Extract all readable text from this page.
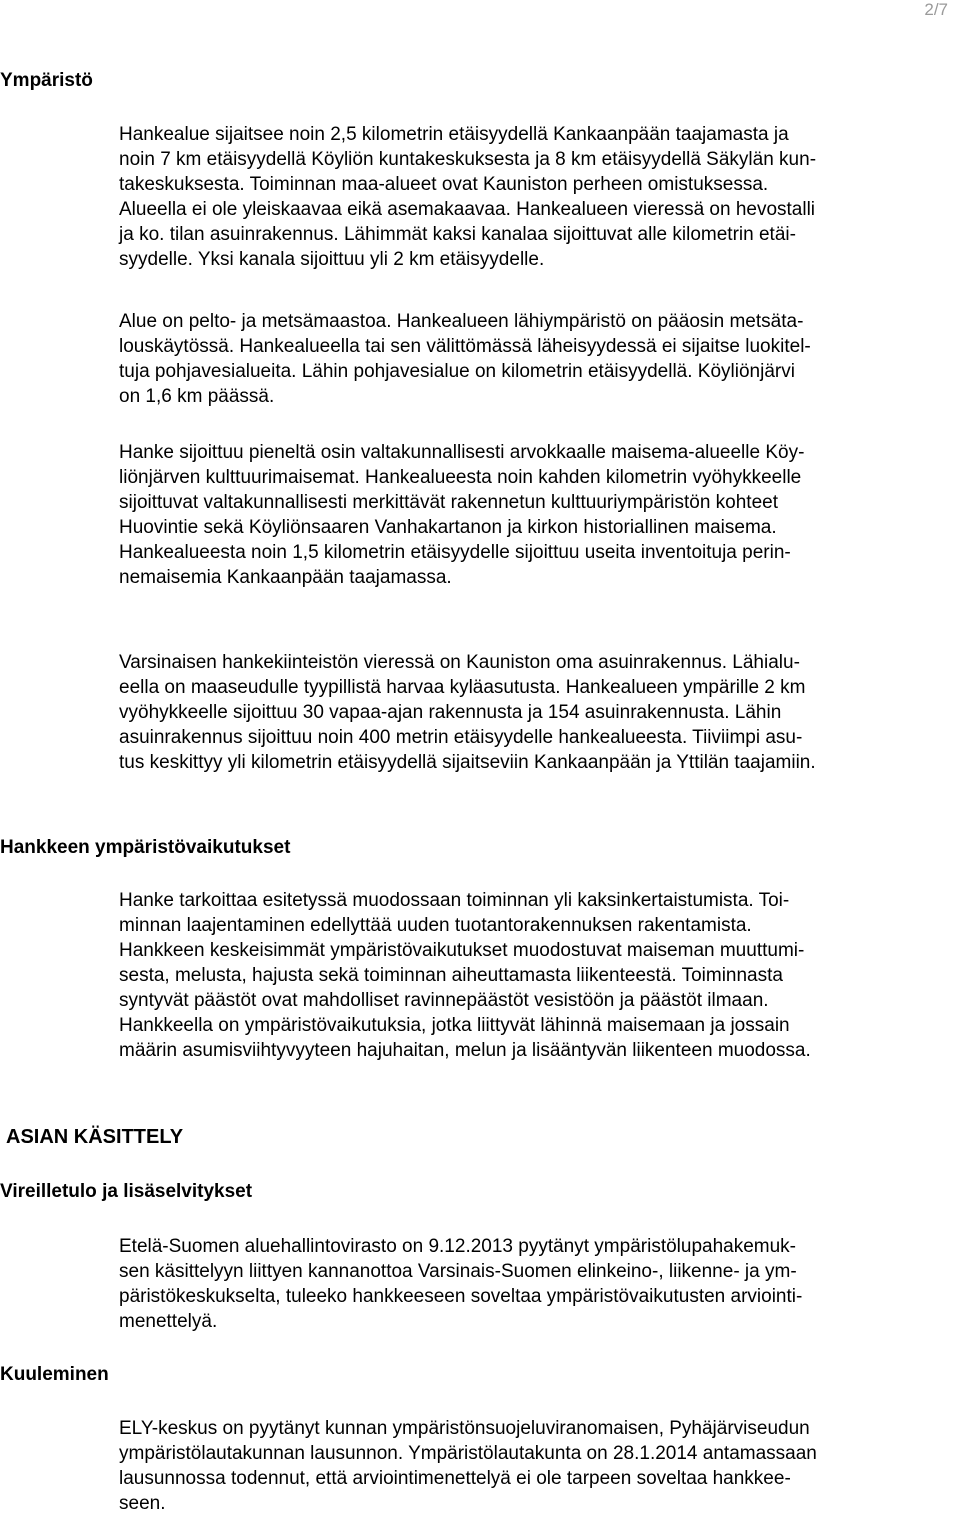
2/7
Ympäristö

Hankealue sijaitsee noin 2,5 kilometrin etäisyydellä Kankaanpään taajamasta ja
noin 7 km etäisyydellä Köyliön kuntakeskuksesta ja 8 km etäisyydellä Säkylän kun-
takeskuksesta. Toiminnan maa-alueet ovat Kauniston perheen omistuksessa.
Alueella ei ole yleiskaavaa eikä asemakaavaa. Hankealueen vieressä on hevostalli
ja ko. tilan asuinrakennus. Lähimmät kaksi kanalaa sijoittuvat alle kilometrin etäi-
syydelle. Yksi kanala sijoittuu yli 2 km etäisyydelle.

Alue on pelto- ja metsämaastoa. Hankealueen lähiympäristö on pääosin metsäta-
louskäytössä. Hankealueella tai sen välittömässä läheisyydessä ei sijaitse luokitel-
tuja pohjavesialueita. Lähin pohjavesialue on kilometrin etäisyydellä. Köyliönjärvi
on 1,6 km päässä.

Hanke sijoittuu pieneltä osin valtakunnallisesti arvokkaalle maisema-alueelle Köy-
liönjärven kulttuurimaisemat. Hankealueesta noin kahden kilometrin vyöhykkeelle
sijoittuvat valtakunnallisesti merkittävät rakennetun kulttuuriympäristön kohteet
Huovintie sekä Köyliönsaaren Vanhakartanon ja kirkon historiallinen maisema.
Hankealueesta noin 1,5 kilometrin etäisyydelle sijoittuu useita inventoituja perin-
nemaisemia Kankaanpään taajamassa.

Varsinaisen hankekiinteistön vieressä on Kauniston oma asuinrakennus. Lähialu-
eella on maaseudulle tyypillistä harvaa kyläasutusta. Hankealueen ympärille 2 km
vyöhykkeelle sijoittuu 30 vapaa-ajan rakennusta ja 154 asuinrakennusta. Lähin
asuinrakennus sijoittuu noin 400 metrin etäisyydelle hankealueesta. Tiiviimpi asu-
tus keskittyy yli kilometrin etäisyydellä sijaitseviin Kankaanpään ja Yttilän taajamiin.

Hankkeen ympäristövaikutukset

Hanke tarkoittaa esitetyssä muodossaan toiminnan yli kaksinkertaistumista. Toi-
minnan laajentaminen edellyttää uuden tuotantorakennuksen rakentamista.
Hankkeen keskeisimmät ympäristövaikutukset muodostuvat maiseman muuttumi-
sesta, melusta, hajusta sekä toiminnan aiheuttamasta liikenteestä. Toiminnasta
syntyvät päästöt ovat mahdolliset ravinnepäästöt vesistöön ja päästöt ilmaan.
Hankkeella on ympäristövaikutuksia, jotka liittyvät lähinnä maisemaan ja jossain
määrin asumisviihtyvyyteen hajuhaitan, melun ja lisääntyvän liikenteen muodossa.

ASIAN KÄSITTELY
Vireilletulo ja lisäselvitykset

Etelä-Suomen aluehallintovirasto on 9.12.2013 pyytänyt ympäristölupahakemuk-
sen käsittelyyn liittyen kannanottoa Varsinais-Suomen elinkeino-, liikenne- ja ym-
päristökeskukselta, tuleeko hankkeeseen soveltaa ympäristövaikutusten arviointi-
menettelyä.

Kuuleminen

ELY-keskus on pyytänyt kunnan ympäristönsuojeluviranomaisen, Pyhäjärviseudun
ympäristölautakunnan lausunnon. Ympäristölautakunta on 28.1.2014 antamassaan
lausunnossa todennut, että arviointimenettelyä ei ole tarpeen soveltaa hankkee-
seen.
